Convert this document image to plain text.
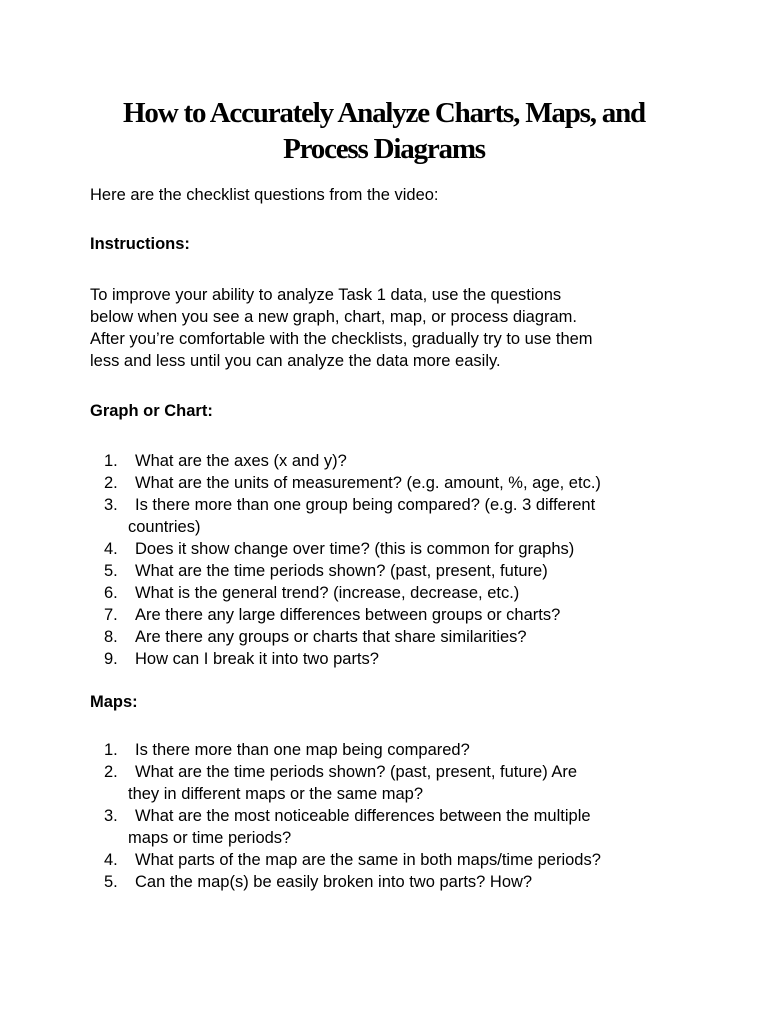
How to Accurately Analyze Charts, Maps, and
Process Diagrams

Here are the checklist questions from the video:

Instructions:

To improve your ability to analyze Task 1 data, use the questions
below when you see a new graph, chart, map, or process diagram.
After you’re comfortable with the checklists, gradually try to use them
less and less until you can analyze the data more easily.

Graph or Chart:
1. What are the axes (x and y)?
2. What are the units of measurement? (e.g. amount, %, age, etc.)
3. Is there more than one group being compared? (e.g. 3 different
countries)
4. Does it show change over time? (this is common for graphs)
5. What are the time periods shown? (past, present, future)
6. What is the general trend? (increase, decrease, etc.)
7. Are there any large differences between groups or charts?
8. Are there any groups or charts that share similarities?
9. How can I break it into two parts?
Maps:
1. Is there more than one map being compared?
2. What are the time periods shown? (past, present, future) Are
they in different maps or the same map?
3. What are the most noticeable differences between the multiple
maps or time periods?
4. What parts of the map are the same in both maps/time periods?
5. Can the map(s) be easily broken into two parts? How?
